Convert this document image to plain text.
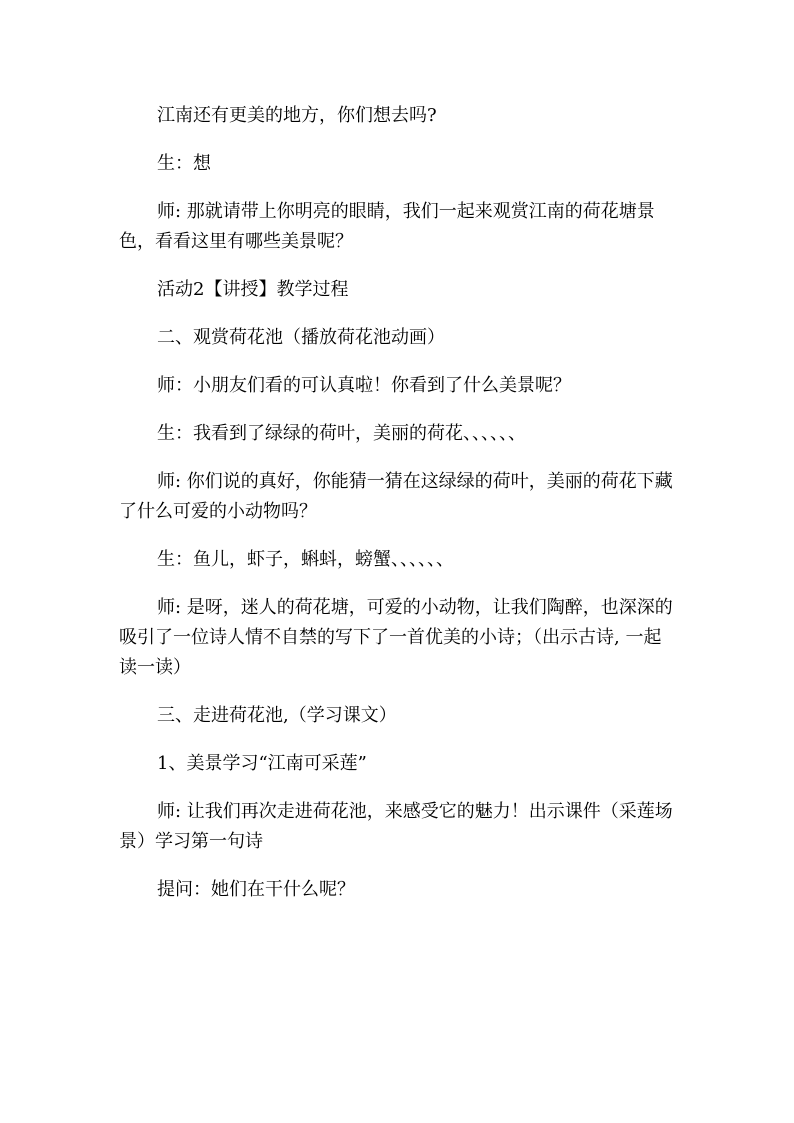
江南还有更美的地方，你们想去吗?

生：想

师: 那就请带上你明亮的眼睛，我们一起来观赏江南的荷花塘景色，看看这里有哪些美景呢？

活动2【讲授】教学过程

二、观赏荷花池（播放荷花池动画）

师：小朋友们看的可认真啦！你看到了什么美景呢？

生：我看到了绿绿的荷叶，美丽的荷花、、、、、、

师: 你们说的真好，你能猜一猜在这绿绿的荷叶，美丽的荷花下藏了什么可爱的小动物吗？

生：鱼儿，虾子，蝌蚪，螃蟹、、、、、、

师: 是呀，迷人的荷花塘，可爱的小动物，让我们陶醉，也深深的吸引了一位诗人情不自禁的写下了一首优美的小诗；（出示古诗, 一起读一读）

三、走进荷花池,（学习课文）

1、美景学习“江南可采莲”

师: 让我们再次走进荷花池，来感受它的魅力！出示课件（采莲场景）学习第一句诗

提问：她们在干什么呢？
